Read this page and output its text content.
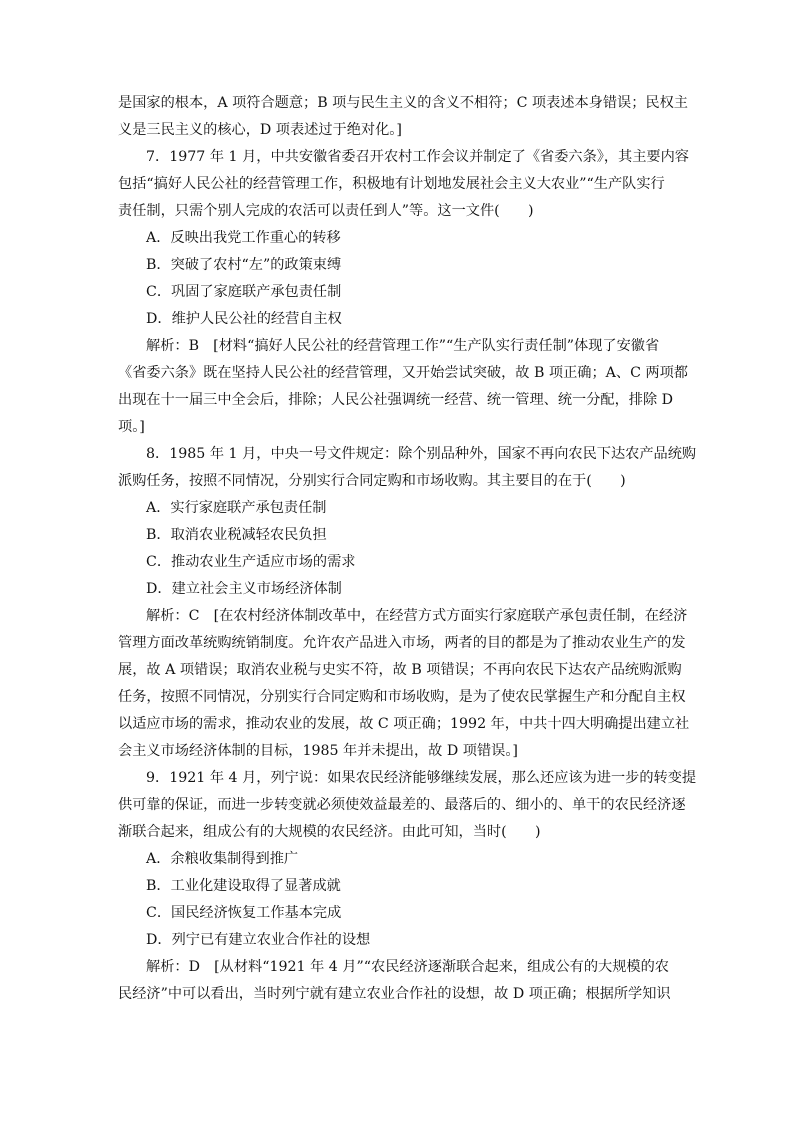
是国家的根本，A 项符合题意；B 项与民生主义的含义不相符；C 项表述本身错误；民权主
义是三民主义的核心，D 项表述过于绝对化。]
7．1977 年 1 月，中共安徽省委召开农村工作会议并制定了《省委六条》，其主要内容
包括“搞好人民公社的经营管理工作，积极地有计划地发展社会主义大农业”“生产队实行
责任制，只需个别人完成的农活可以责任到人”等。这一文件(　　)
A．反映出我党工作重心的转移
B．突破了农村“左”的政策束缚
C．巩固了家庭联产承包责任制
D．维护人民公社的经营自主权
解析：B　[材料“搞好人民公社的经营管理工作”“生产队实行责任制”体现了安徽省
《省委六条》既在坚持人民公社的经营管理，又开始尝试突破，故 B 项正确；A、C 两项都
出现在十一届三中全会后，排除；人民公社强调统一经营、统一管理、统一分配，排除 D
项。]
8．1985 年 1 月，中央一号文件规定：除个别品种外，国家不再向农民下达农产品统购
派购任务，按照不同情况，分别实行合同定购和市场收购。其主要目的在于(　　)
A．实行家庭联产承包责任制
B．取消农业税减轻农民负担
C．推动农业生产适应市场的需求
D．建立社会主义市场经济体制
解析：C　[在农村经济体制改革中，在经营方式方面实行家庭联产承包责任制，在经济
管理方面改革统购统销制度。允许农产品进入市场，两者的目的都是为了推动农业生产的发
展，故 A 项错误；取消农业税与史实不符，故 B 项错误；不再向农民下达农产品统购派购
任务，按照不同情况，分别实行合同定购和市场收购，是为了使农民掌握生产和分配自主权
以适应市场的需求，推动农业的发展，故 C 项正确；1992 年，中共十四大明确提出建立社
会主义市场经济体制的目标，1985 年并未提出，故 D 项错误。]
9．1921 年 4 月，列宁说：如果农民经济能够继续发展，那么还应该为进一步的转变提
供可靠的保证，而进一步转变就必须使效益最差的、最落后的、细小的、单干的农民经济逐
渐联合起来，组成公有的大规模的农民经济。由此可知，当时(　　)
A．余粮收集制得到推广
B．工业化建设取得了显著成就
C．国民经济恢复工作基本完成
D．列宁已有建立农业合作社的设想
解析：D　[从材料“1921 年 4 月”“农民经济逐渐联合起来，组成公有的大规模的农
民经济”中可以看出，当时列宁就有建立农业合作社的设想，故 D 项正确；根据所学知识
